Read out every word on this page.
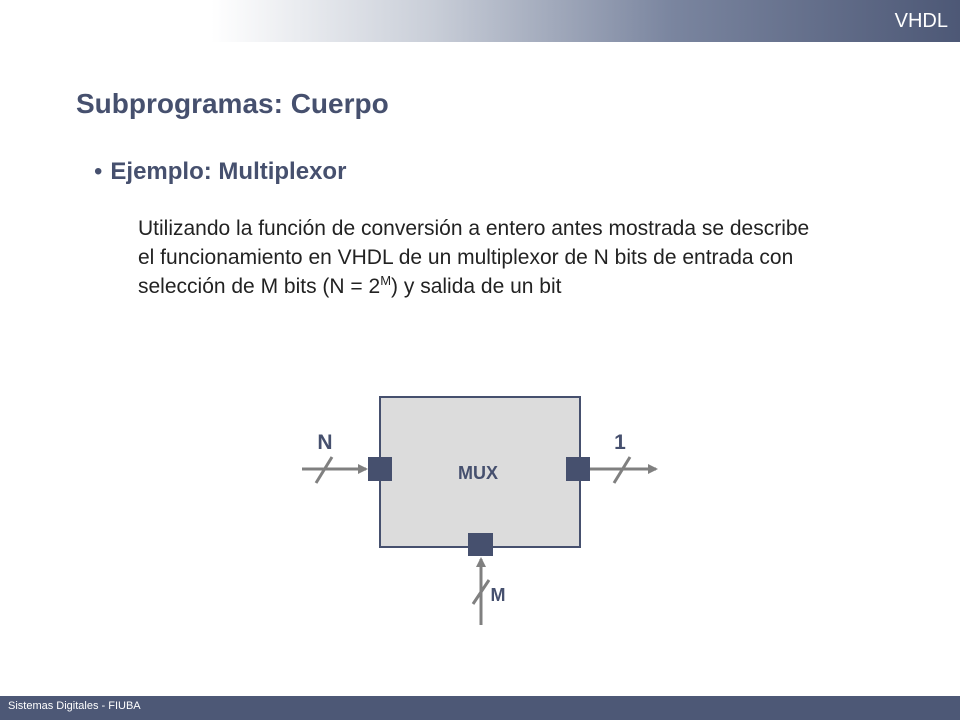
VHDL
Subprogramas: Cuerpo
• Ejemplo: Multiplexor
Utilizando la función de conversión a entero antes mostrada se describe el funcionamiento en VHDL de un multiplexor de N bits de entrada con selección de M bits $(N = 2^M)$ y salida de un bit
MUX
N	1
M
Sistemas Digitales - FIUBA
